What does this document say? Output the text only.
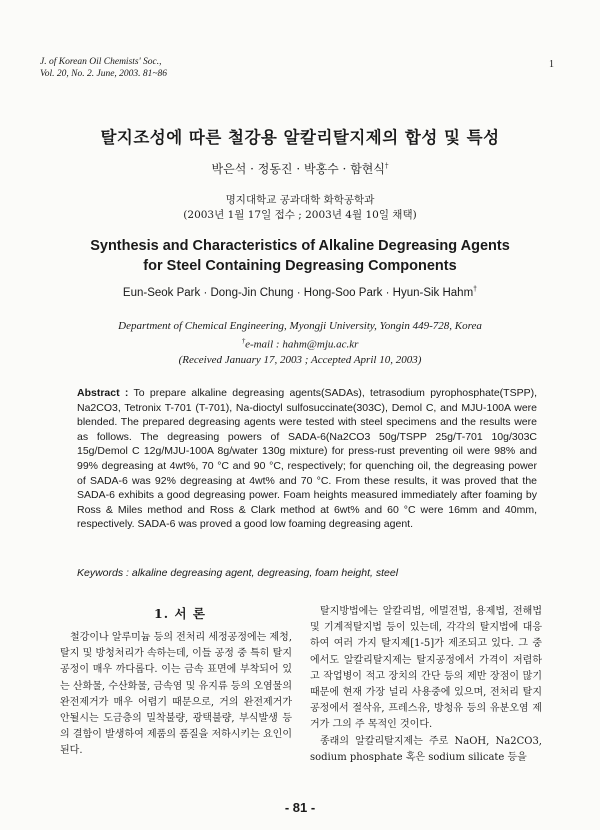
J. of Korean Oil Chemists' Soc.,
Vol. 20, No. 2. June, 2003. 81~86
1
탈지조성에 따른 철강용 알칼리탈지제의 합성 및 특성
박은석 · 정동진 · 박홍수 · 함현식†
명지대학교 공과대학 화학공학과
(2003년 1월 17일 접수 ; 2003년 4월 10일 채택)
Synthesis and Characteristics of Alkaline Degreasing Agents
for Steel Containing Degreasing Components
Eun-Seok Park · Dong-Jin Chung · Hong-Soo Park · Hyun-Sik Hahm†
Department of Chemical Engineering, Myongji University, Yongin 449-728, Korea
†e-mail : hahm@mju.ac.kr
(Received January 17, 2003 ; Accepted April 10, 2003)
Abstract : To prepare alkaline degreasing agents(SADAs), tetrasodium pyrophosphate(TSPP), Na2CO3, Tetronix T-701 (T-701), Na-dioctyl sulfosuccinate(303C), Demol C, and MJU-100A were blended. The prepared degreasing agents were tested with steel specimens and the results were as follows. The degreasing powers of SADA-6(Na2CO3 50g/TSPP 25g/T-701 10g/303C 15g/Demol C 12g/MJU-100A 8g/water 130g mixture) for press-rust preventing oil were 98% and 99% degreasing at 4wt%, 70 °C and 90 °C, respectively; for quenching oil, the degreasing power of SADA-6 was 92% degreasing at 4wt% and 70 °C. From these results, it was proved that the SADA-6 exhibits a good degreasing power. Foam heights measured immediately after foaming by Ross & Miles method and Ross & Clark method at 6wt% and 60 °C were 16mm and 40mm, respectively. SADA-6 was proved a good low foaming degreasing agent.
Keywords : alkaline degreasing agent, degreasing, foam height, steel
1. 서 론

철강이나 알루미늄 등의 전처리 세정공정에는 제청, 탈지 및 방청처리가 속하는데, 이들 공정 중 특히 탈지공정이 매우 까다롭다. 이는 금속 표면에 부착되어 있는 산화물, 수산화물, 금속염 및 유지류 등의 오염물의 완전제거가 매우 어렵기 때문으로, 거의 완전제거가 안될시는 도금층의 밀착불량, 광택불량, 부식발생 등의 결함이 발생하여 제품의 품질을 저하시키는 요인이 된다.

탈지방법에는 알칼리법, 에멀젼법, 용제법, 전해법 및 기계적탈지법 등이 있는데, 각각의 탈지법에 대응하여 여러 가지 탈지제[1-5]가 제조되고 있다. 그 중에서도 알칼리탈지제는 탈지공정에서 가격이 저렴하고 작업병이 적고 장치의 간단 등의 제반 장점이 많기 때문에 현재 가장 널리 사용중에 있으며, 전처리 탈지공정에서 절삭유, 프레스유, 방청유 등의 유분오염 제거가 그의 주 목적인 것이다.

종래의 알칼리탈지제는 주로 NaOH, Na2CO3, sodium phosphate 혹은 sodium silicate 등을

- 81 -
